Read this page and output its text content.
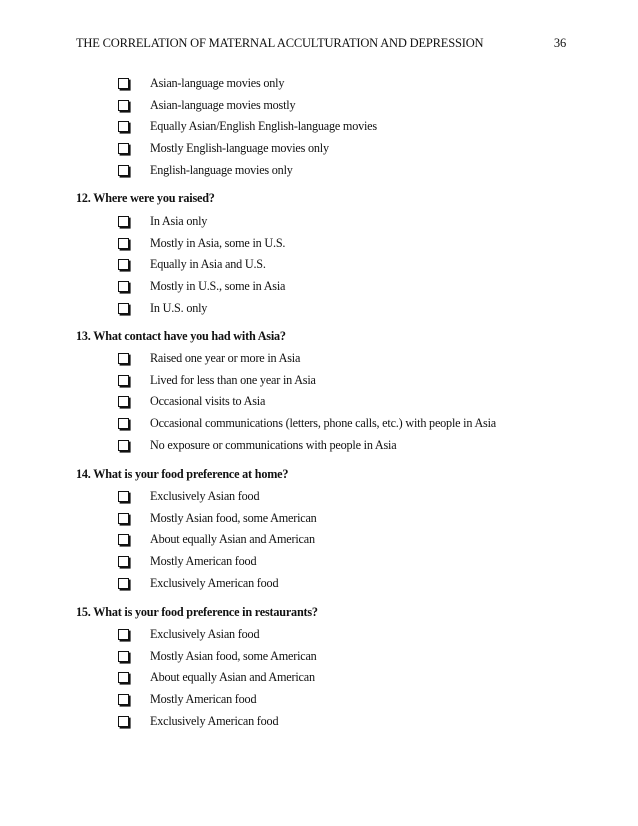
THE CORRELATION OF MATERNAL ACCULTURATION AND DEPRESSION	36
Asian-language movies only
Asian-language movies mostly
Equally Asian/English English-language movies
Mostly English-language movies only
English-language movies only
12. Where were you raised?
In Asia only
Mostly in Asia, some in U.S.
Equally in Asia and U.S.
Mostly in U.S., some in Asia
In U.S. only
13. What contact have you had with Asia?
Raised one year or more in Asia
Lived for less than one year in Asia
Occasional visits to Asia
Occasional communications (letters, phone calls, etc.) with people in Asia
No exposure or communications with people in Asia
14. What is your food preference at home?
Exclusively Asian food
Mostly Asian food, some American
About equally Asian and American
Mostly American food
Exclusively American food
15. What is your food preference in restaurants?
Exclusively Asian food
Mostly Asian food, some American
About equally Asian and American
Mostly American food
Exclusively American food
